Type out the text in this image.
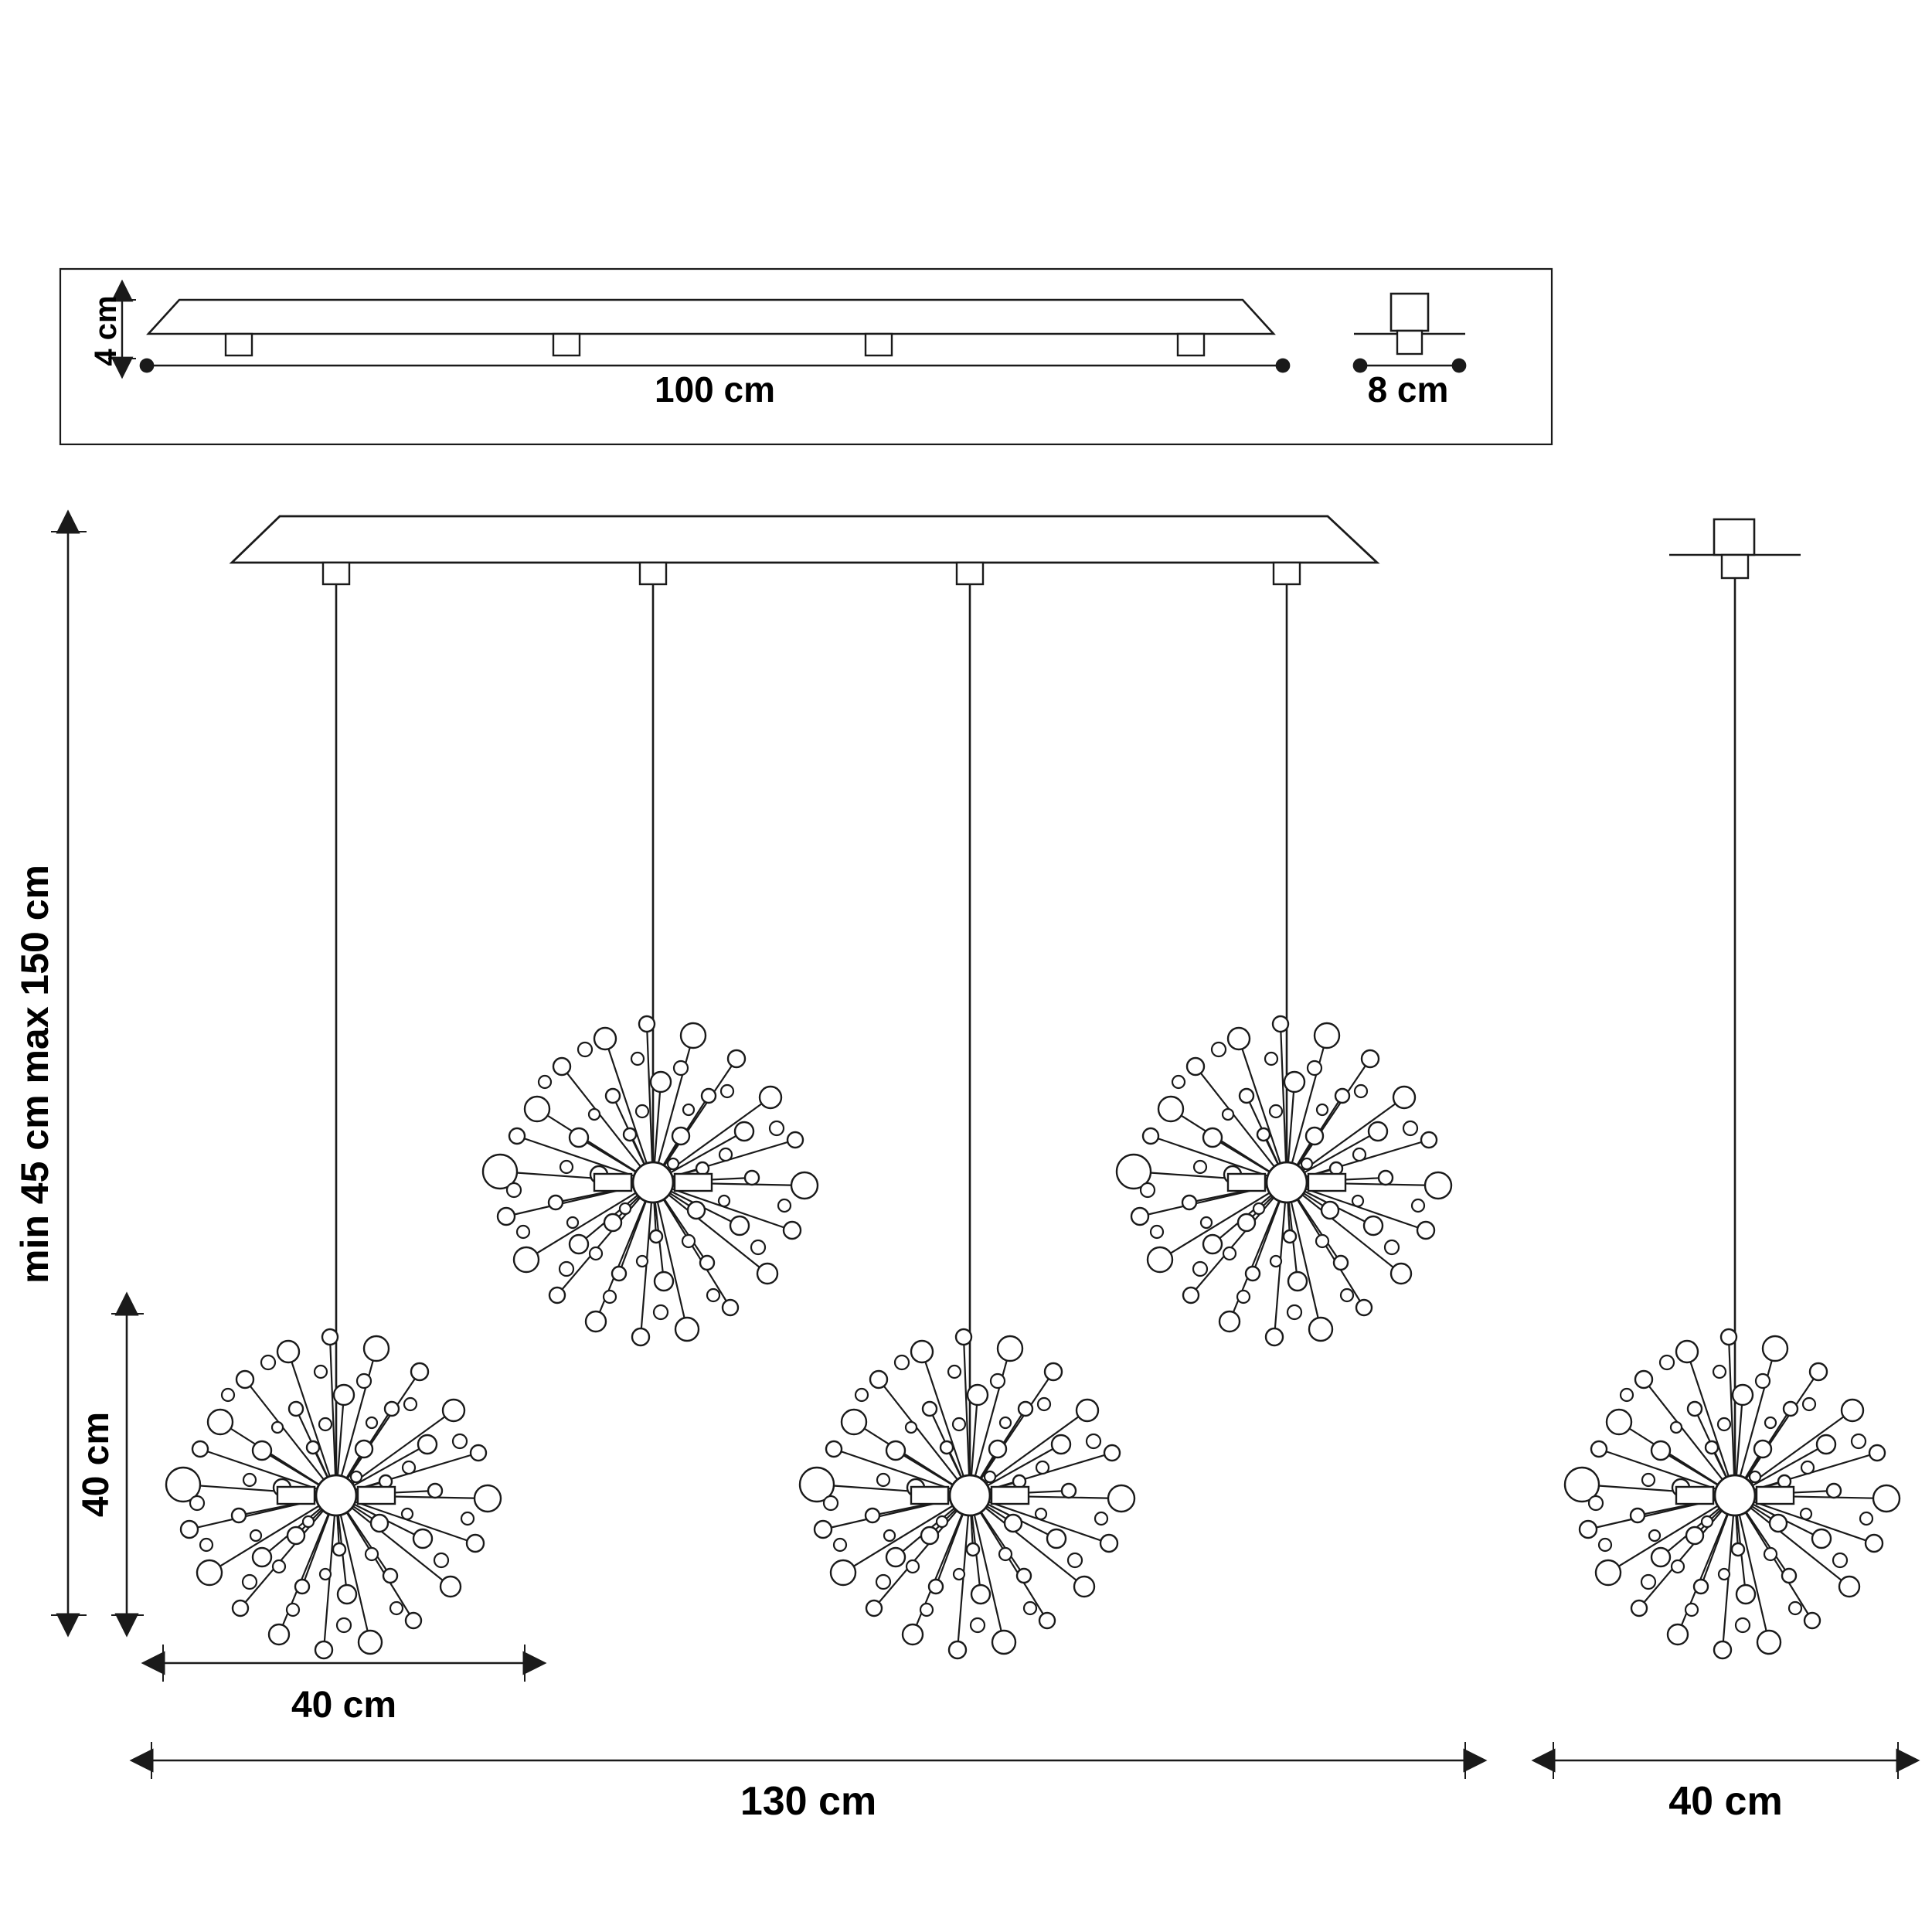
4 cm
100 cm	8 cm
min 45 cm max 150 cm
40 cm
40 cm
130 cm	40 cm
